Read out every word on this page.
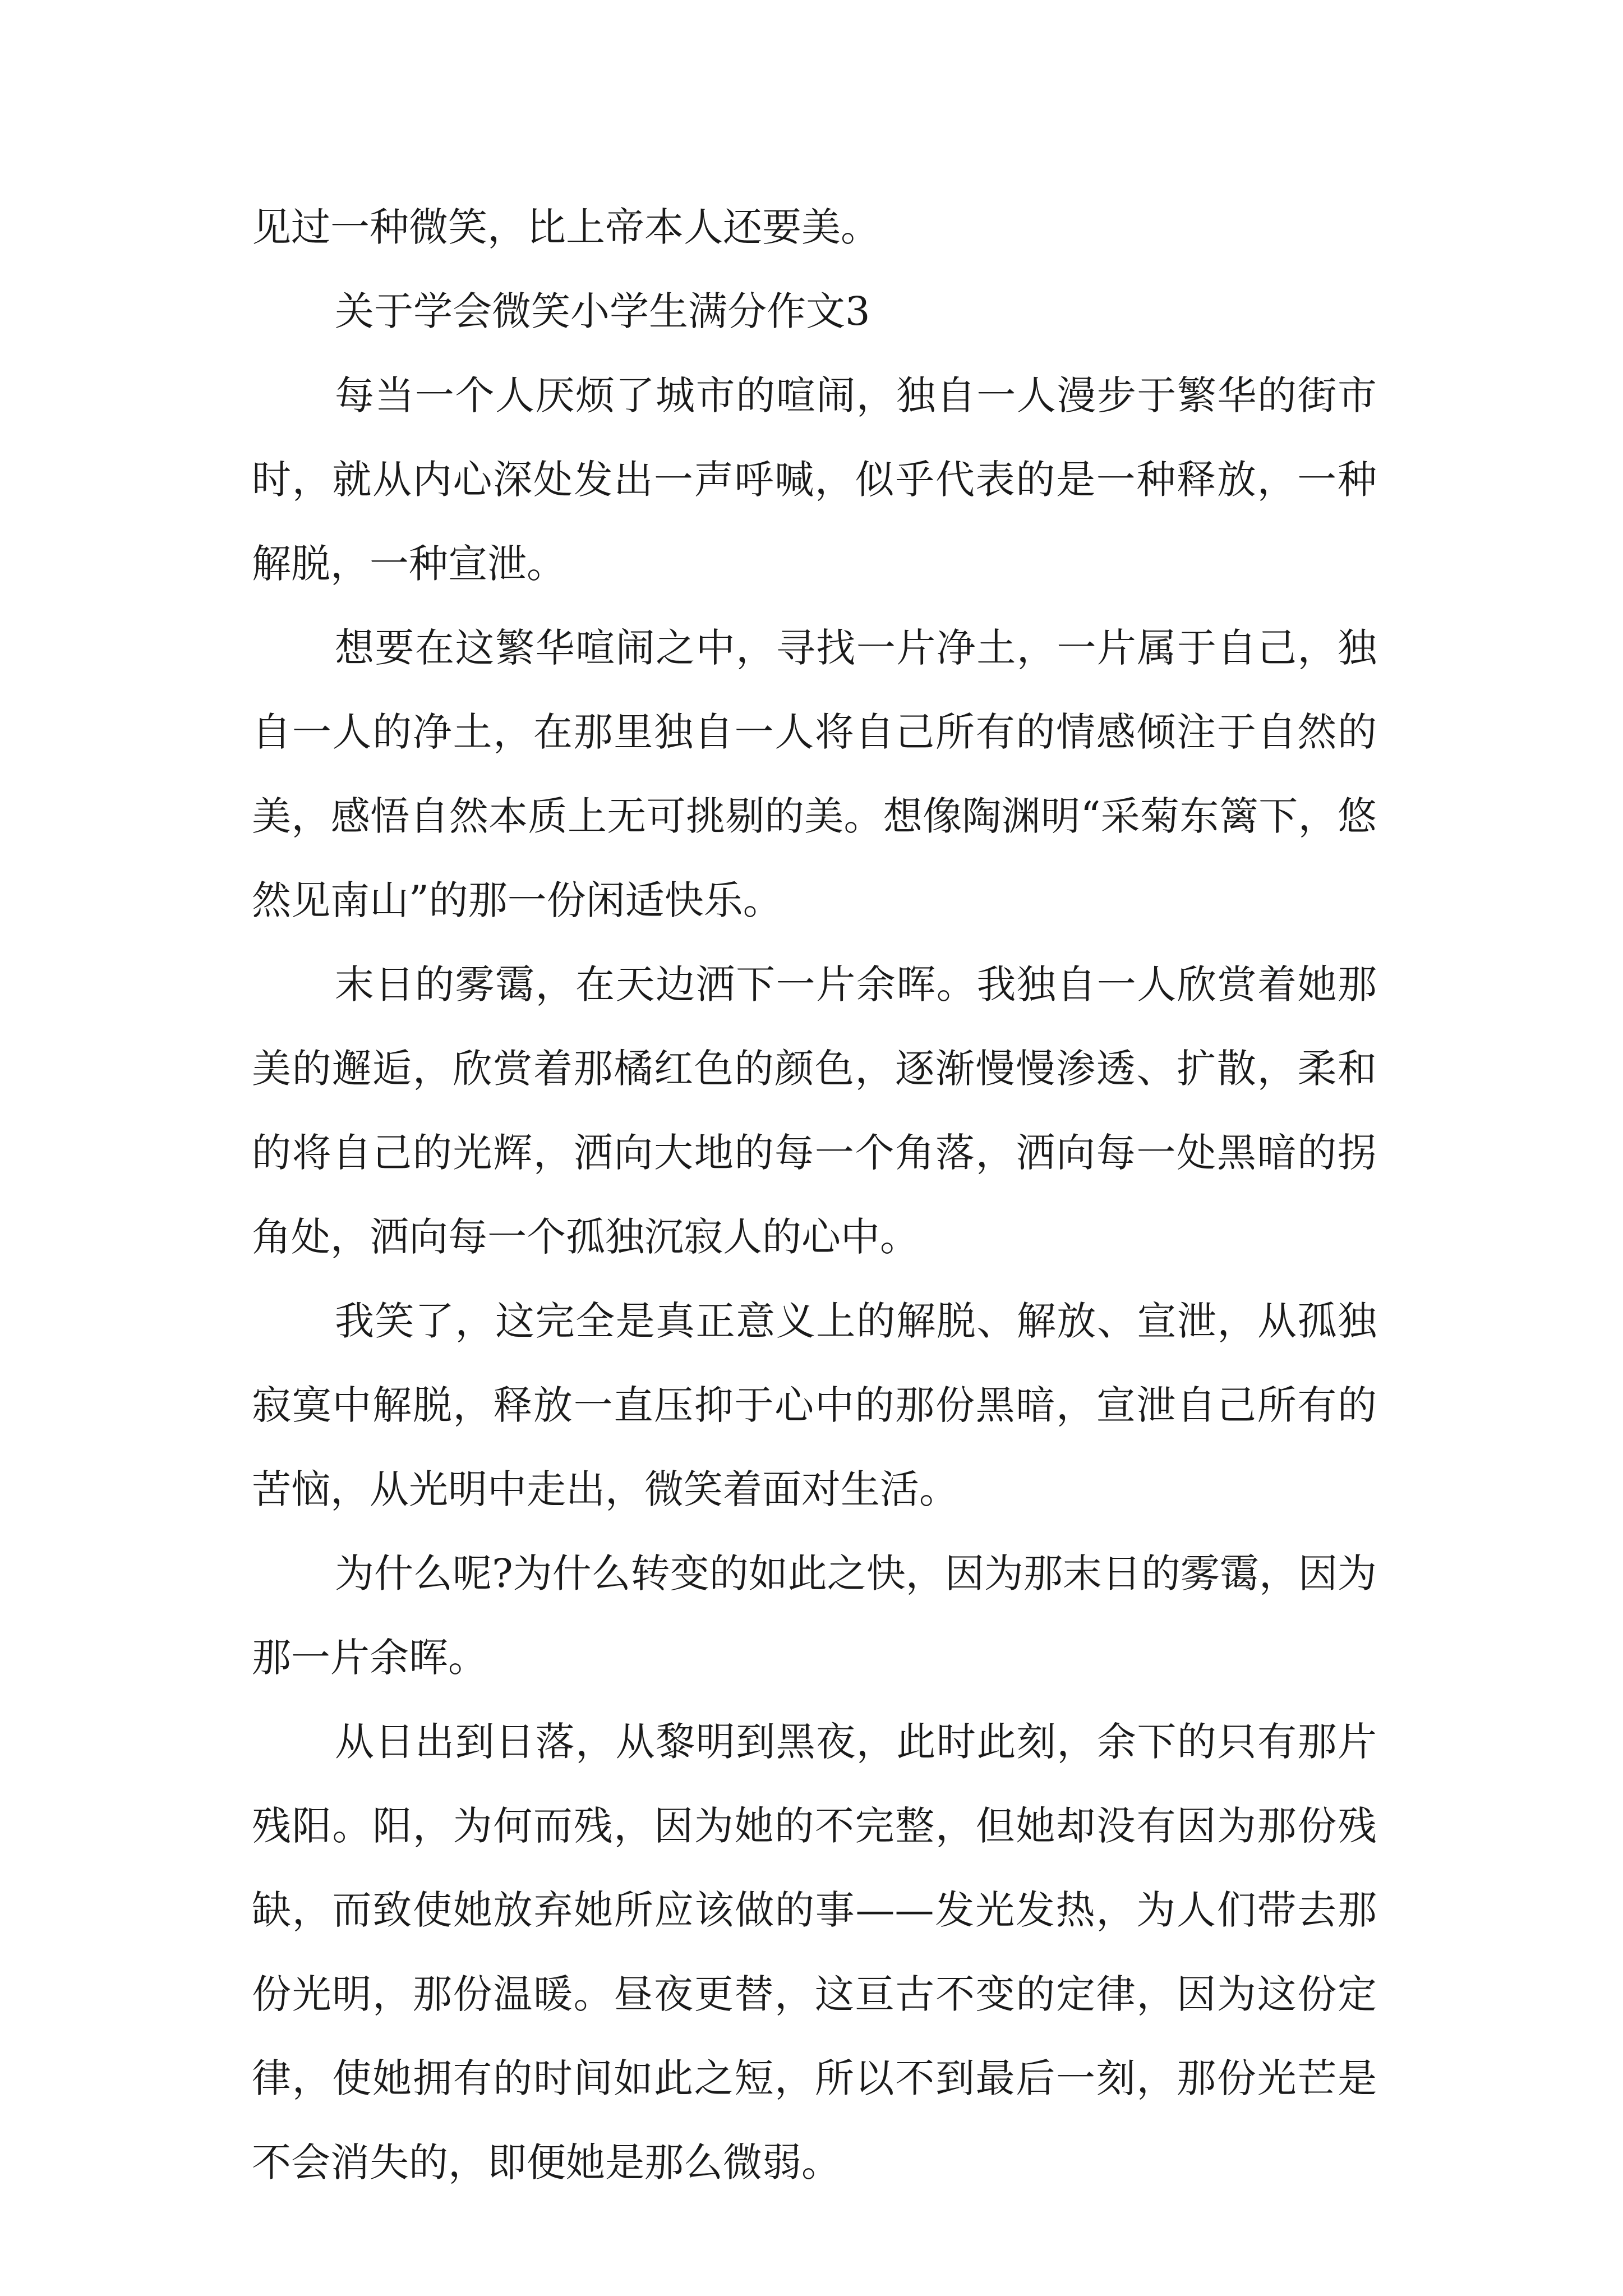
见过一种微笑，比上帝本人还要美。

关于学会微笑小学生满分作文3

每当一个人厌烦了城市的喧闹，独自一人漫步于繁华的街市时，就从内心深处发出一声呼喊，似乎代表的是一种释放，一种解脱，一种宣泄。

想要在这繁华喧闹之中，寻找一片净土，一片属于自己，独自一人的净土，在那里独自一人将自己所有的情感倾注于自然的美，感悟自然本质上无可挑剔的美。想像陶渊明“采菊东篱下，悠然见南山”的那一份闲适快乐。

末日的雾霭，在天边洒下一片余晖。我独自一人欣赏着她那美的邂逅，欣赏着那橘红色的颜色，逐渐慢慢渗透、扩散，柔和的将自己的光辉，洒向大地的每一个角落，洒向每一处黑暗的拐角处，洒向每一个孤独沉寂人的心中。

我笑了，这完全是真正意义上的解脱、解放、宣泄，从孤独寂寞中解脱，释放一直压抑于心中的那份黑暗，宣泄自己所有的苦恼，从光明中走出，微笑着面对生活。

为什么呢?为什么转变的如此之快，因为那末日的雾霭，因为那一片余晖。

从日出到日落，从黎明到黑夜，此时此刻，余下的只有那片残阳。阳，为何而残，因为她的不完整，但她却没有因为那份残缺，而致使她放弃她所应该做的事——发光发热，为人们带去那份光明，那份温暖。昼夜更替，这亘古不变的定律，因为这份定律，使她拥有的时间如此之短，所以不到最后一刻，那份光芒是不会消失的，即便她是那么微弱。
